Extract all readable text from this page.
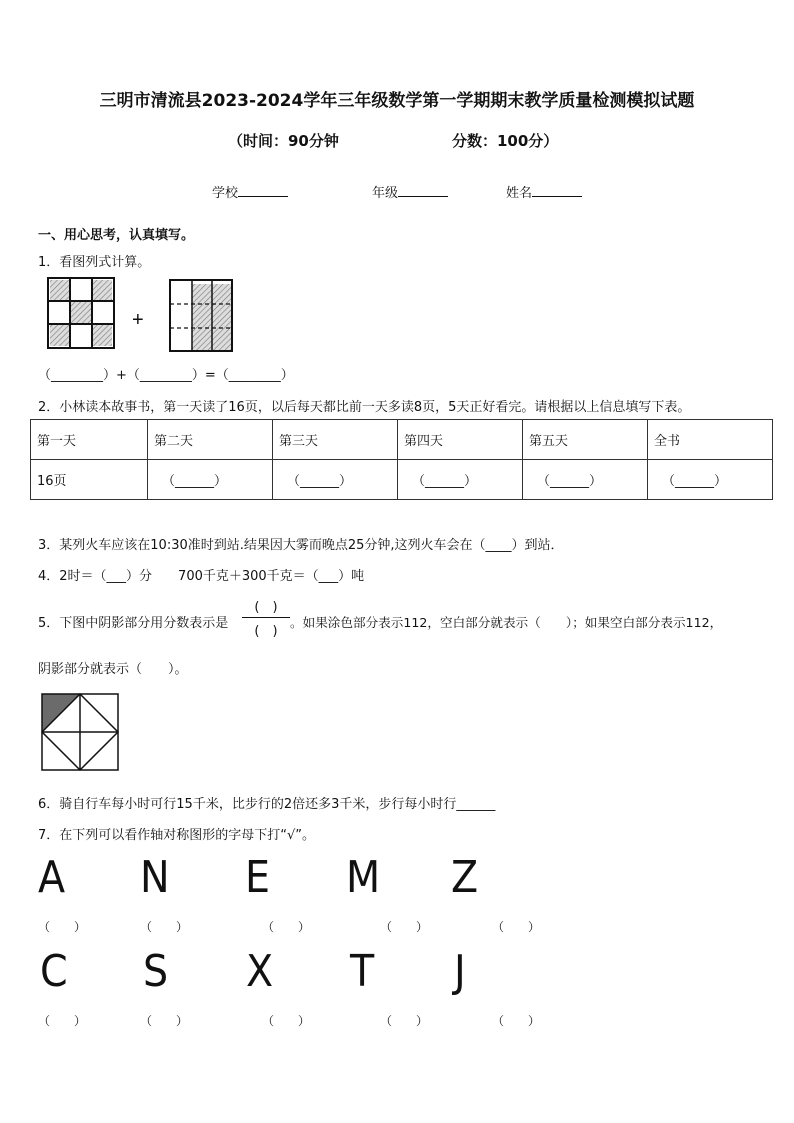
三明市清流县2023-2024学年三年级数学第一学期期末教学质量检测模拟试题
（时间：90分钟	分数：100分）
学校	年级	姓名
一、用心思考，认真填写。
1．看图列式计算。
+
（________）+（________）=（________）
2．小林读本故事书，第一天读了16页，以后每天都比前一天多读8页，5天正好看完。请根据以上信息填写下表。
第一天	第二天	第三天	第四天	第五天	全书
16页	（______）	（______）	（______）	（______）	（______）
3．某列火车应该在10:30准时到站.结果因大雾而晚点25分钟,这列火车会在（____）到站．
4．2时＝（___）分　　700千克＋300千克＝（___）吨
5．下图中阴影部分用分数表示是
(　)
(　)
。如果涂色部分表示112，空白部分就表示（　　）；如果空白部分表示112，
阴影部分就表示（　　）。
6．骑自行车每小时可行15千米，比步行的2倍还多3千米，步行每小时行______
7．在下列可以看作轴对称图形的字母下打“√”。
A N E M Z
（　　）	（　　）	（　　）	（　　）	（　　）
C S X T J
（　　）	（　　）	（　　）	（　　）	（　　）
